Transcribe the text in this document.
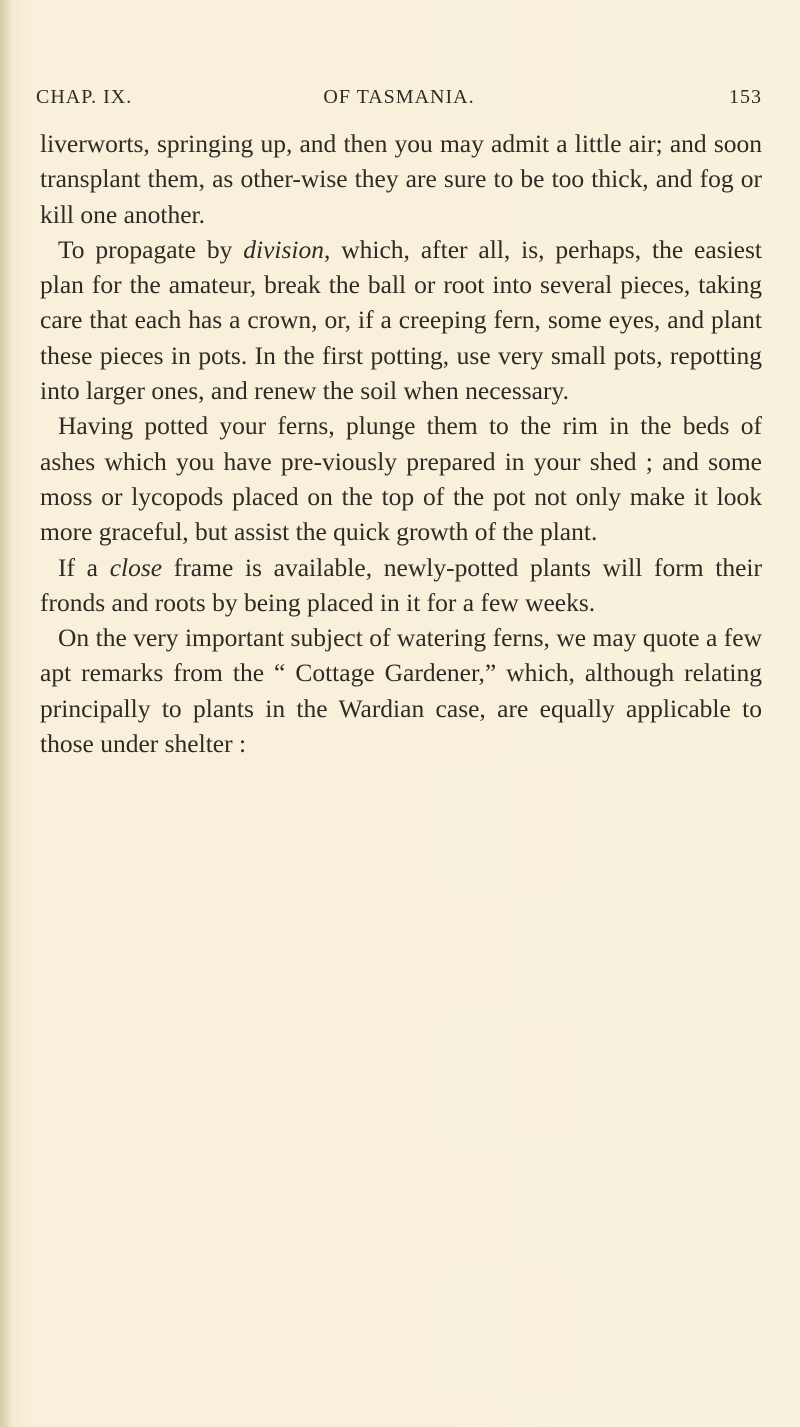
CHAP. IX.	OF TASMANIA.	153

liverworts, springing up, and then you may admit a little air; and soon transplant them, as other-wise they are sure to be too thick, and fog or kill one another.

To propagate by division, which, after all, is, perhaps, the easiest plan for the amateur, break the ball or root into several pieces, taking care that each has a crown, or, if a creeping fern, some eyes, and plant these pieces in pots. In the first potting, use very small pots, repotting into larger ones, and renew the soil when necessary.

Having potted your ferns, plunge them to the rim in the beds of ashes which you have pre-viously prepared in your shed ; and some moss or lycopods placed on the top of the pot not only make it look more graceful, but assist the quick growth of the plant.

If a close frame is available, newly-potted plants will form their fronds and roots by being placed in it for a few weeks.

On the very important subject of watering ferns, we may quote a few apt remarks from the “ Cottage Gardener,” which, although relating principally to plants in the Wardian case, are equally applicable to those under shelter :
